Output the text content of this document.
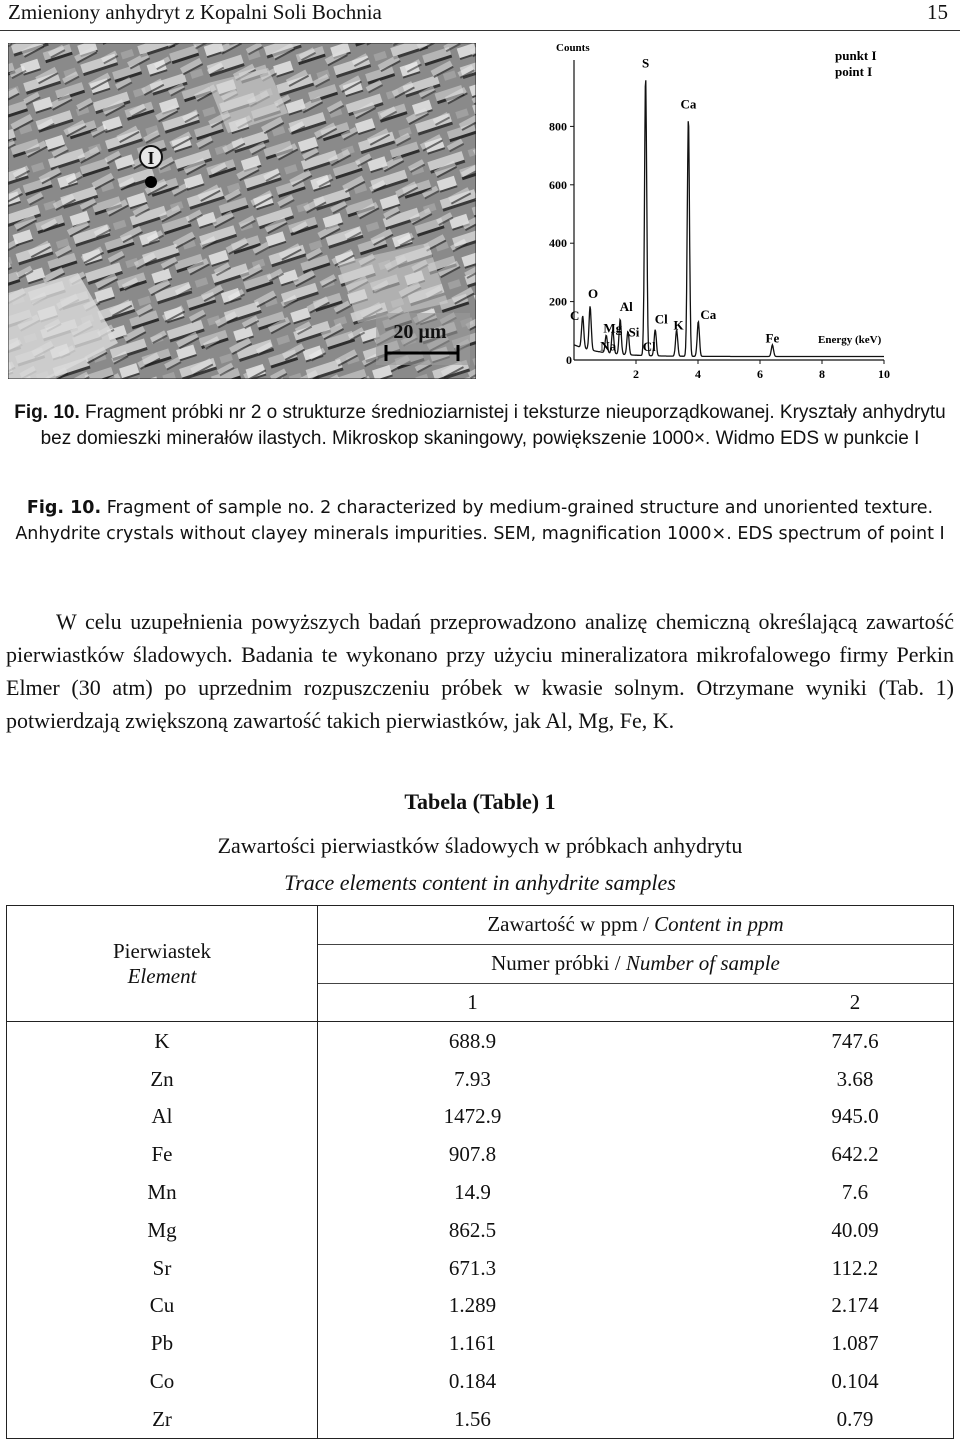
Zmieniony anhydryt z Kopalni Soli Bochnia	15
I
20 µm
Counts	punkt I
point I
Energy (keV)
200
400
600
800
0
2	4	6	8	10
C
O
Na
Mg
Al
Si
S
Cl K
Ca
Ca
Fe
Cl
Fig. 10. Fragment próbki nr 2 o strukturze średnioziarnistej i teksturze nieuporządkowanej. Kryształy anhydrytu bez domieszki minerałów ilastych. Mikroskop skaningowy, powiększenie 1000×. Widmo EDS w punkcie I
Fig. 10. Fragment of sample no. 2 characterized by medium-grained structure and unoriented texture. Anhydrite crystals without clayey minerals impurities. SEM, magnification 1000×. EDS spectrum of point I

W celu uzupełnienia powyższych badań przeprowadzono analizę chemiczną określającą zawartość pierwiastków śladowych. Badania te wykonano przy użyciu mineralizatora mikrofalowego firmy Perkin Elmer (30 atm) po uprzednim rozpuszczeniu próbek w kwasie solnym. Otrzymane wyniki (Tab. 1) potwierdzają zwiększoną zawartość takich pierwiastków, jak Al, Mg, Fe, K.

Tabela (Table) 1
Zawartości pierwiastków śladowych w próbkach anhydrytu
Trace elements content in anhydrite samples
Pierwiastek
Element	Zawartość w ppm / Content in ppm	
	Numer próbki / Number of sample	
	1	2
K	688.9	747.6
Zn	7.93	3.68
Al	1472.9	945.0
Fe	907.8	642.2
Mn	14.9	7.6
Mg	862.5	40.09
Sr	671.3	112.2
Cu	1.289	2.174
Pb	1.161	1.087
Co	0.184	0.104
Zr	1.56	0.79
